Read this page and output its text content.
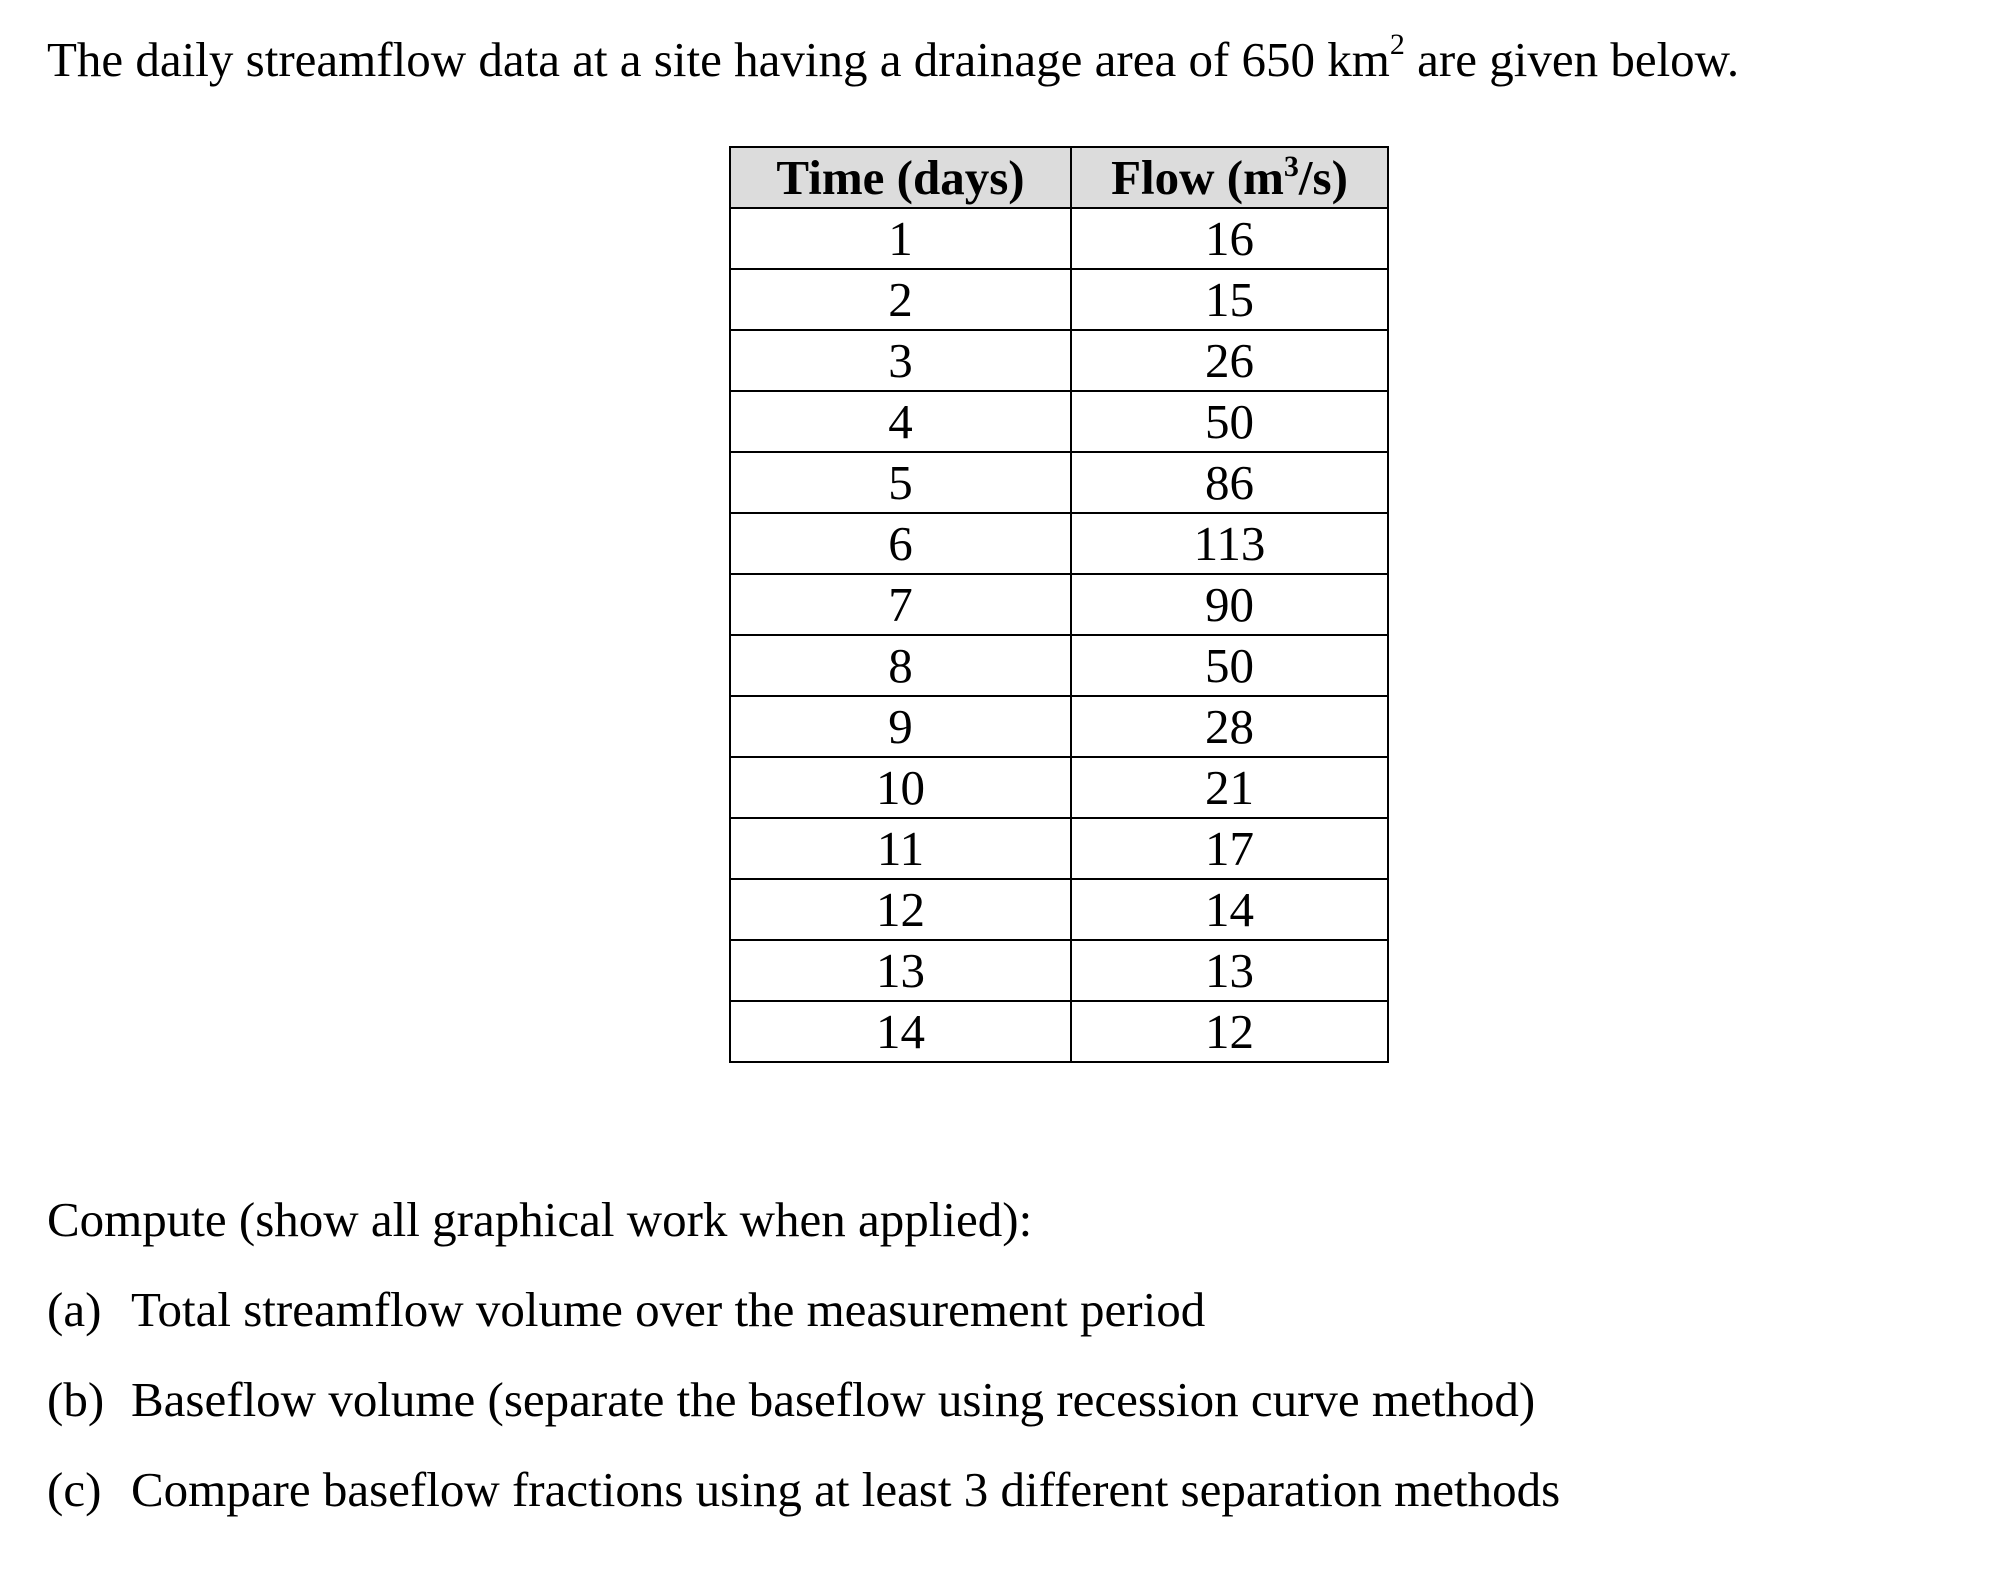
The daily streamflow data at a site having a drainage area of 650 $km^2$ are given below.
Time (days)	Flow $(m^3/s)$
1	16
2	15
3	26
4	50
5	86
6	113
7	90
8	50
9	28
10	21
11	17
12	14
13	13
14	12
Compute (show all graphical work when applied):
(a) Total streamflow volume over the measurement period
(b) Baseflow volume (separate the baseflow using recession curve method)
(c) Compare baseflow fractions using at least 3 different separation methods
